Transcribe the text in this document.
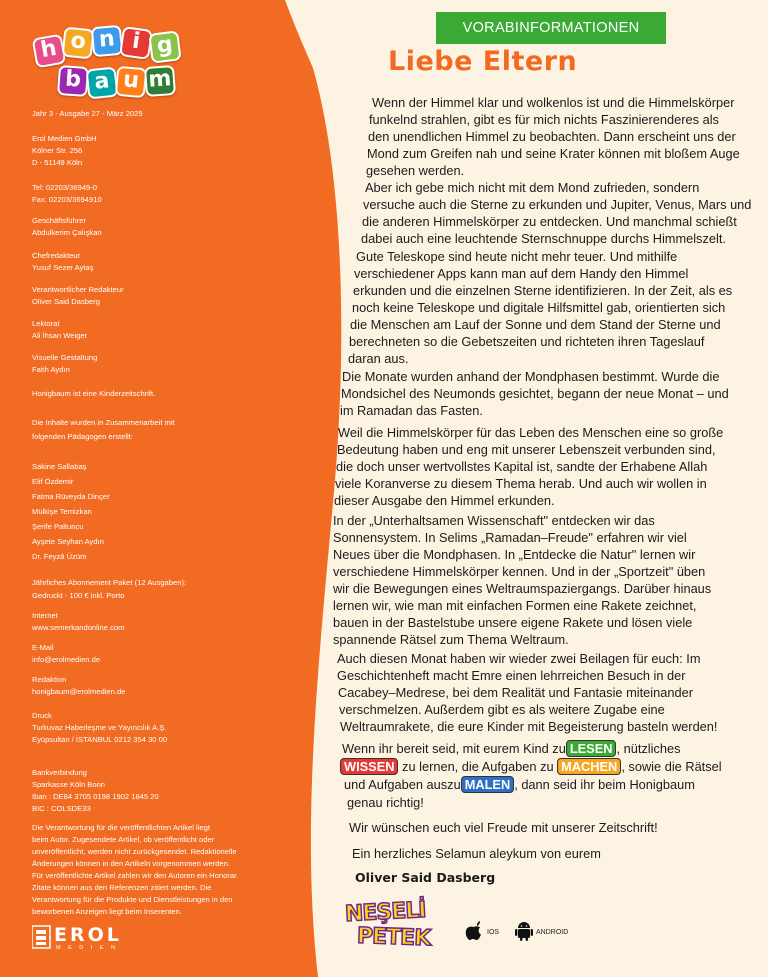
h o n i g
b a u m
Jahr 3 - Ausgabe 27 - März 2025
Erol Medien GmbH
Kölner Str. 256
D - 51149 Köln
Tel: 02203/36949-0
Fax: 02203/3694910
Geschäftsführer
Abdulkerim Çalışkan
Chefredakteur
Yusuf Sezer Aytaş
Verantwortlicher Redakteur
Oliver Said Dasberg
Lektorat
Ali İhsan Weiger
Visuelle Gestaltung
Fatih Aydın
Honigbaum ist eine Kinderzeitschrift.
Die Inhalte wurden in Zusammenarbeit mit
folgenden Pädagogen erstellt:
Sakine Sallabaş
Elif Özdemir
Fatma Rüveyda Dinçer
Mülkişe Temizkan
Şerife Paltuncu
Ayşete Seyhan Aydın
Dr. Feyzâ Üzüm
Jährliches Abonnement Paket (12 Ausgaben):
Gedruckt - 100 € inkl. Porto
Internet
www.semerkandonline.com
E-Mail
info@erolmedien.de
Redaktion
honigbaum@erolmedien.de
Druck
Turkuvaz Haberleşme ve Yayıncılık A.Ş.
Eyüpsultan / İSTANBUL 0212 354 30 00
Bankverbindung
Sparkasse Köln Bonn
Iban : DE84 3705 0198 1902 1845 20
BIC : COLSDE33
Die Verantwortung für die veröffentlichten Artikel liegt
beim Autor. Zugesendete Artikel, ob veröffentlicht oder
unveröffentlicht, werden nicht zurückgesendet. Redaktionelle
Änderungen können in den Artikeln vorgenommen werden.
Für veröffentlichte Artikel zahlen wir den Autoren ein Honorar.
Zitate können aus den Referenzen zitiert werden. Die
Verantwortung für die Produkte und Dienstleistungen in den
beworbenen Anzeigen liegt beim Inserenten.
EROL
M E D I E N
VORABINFORMATIONEN
Liebe Eltern
Wenn der Himmel klar und wolkenlos ist und die Himmelskörper
funkelnd strahlen, gibt es für mich nichts Faszinierenderes als
den unendlichen Himmel zu beobachten. Dann erscheint uns der
Mond zum Greifen nah und seine Krater können mit bloßem Auge
gesehen werden.
Aber ich gebe mich nicht mit dem Mond zufrieden, sondern
versuche auch die Sterne zu erkunden und Jupiter, Venus, Mars und
die anderen Himmelskörper zu entdecken. Und manchmal schießt
dabei auch eine leuchtende Sternschnuppe durchs Himmelszelt.
Gute Teleskope sind heute nicht mehr teuer. Und mithilfe
verschiedener Apps kann man auf dem Handy den Himmel
erkunden und die einzelnen Sterne identifizieren. In der Zeit, als es
noch keine Teleskope und digitale Hilfsmittel gab, orientierten sich
die Menschen am Lauf der Sonne und dem Stand der Sterne und
berechneten so die Gebetszeiten und richteten ihren Tageslauf
daran aus.
Die Monate wurden anhand der Mondphasen bestimmt. Wurde die
Mondsichel des Neumonds gesichtet, begann der neue Monat – und
im Ramadan das Fasten.
Weil die Himmelskörper für das Leben des Menschen eine so große
Bedeutung haben und eng mit unserer Lebenszeit verbunden sind,
die doch unser wertvollstes Kapital ist, sandte der Erhabene Allah
viele Koranverse zu diesem Thema herab. Und auch wir wollen in
dieser Ausgabe den Himmel erkunden.
In der „Unterhaltsamen Wissenschaft" entdecken wir das
Sonnensystem. In Selims „Ramadan–Freude" erfahren wir viel
Neues über die Mondphasen. In „Entdecke die Natur" lernen wir
verschiedene Himmelskörper kennen. Und in der „Sportzeit" üben
wir die Bewegungen eines Weltraumspaziergangs. Darüber hinaus
lernen wir, wie man mit einfachen Formen eine Rakete zeichnet,
bauen in der Bastelstube unsere eigene Rakete und lösen viele
spannende Rätsel zum Thema Weltraum.
Auch diesen Monat haben wir wieder zwei Beilagen für euch: Im
Geschichtenheft macht Emre einen lehrreichen Besuch in der
Cacabey–Medrese, bei dem Realität und Fantasie miteinander
verschmelzen. Außerdem gibt es als weitere Zugabe eine
Weltraumrakete, die eure Kinder mit Begeisterung basteln werden!
Wenn ihr bereit seid, mit eurem Kind zu LESEN , nützliches
WISSEN zu lernen, die Aufgaben zu MACHEN , sowie die Rätsel
und Aufgaben auszu MALEN , dann seid ihr beim Honigbaum
genau richtig!
Wir wünschen euch viel Freude mit unserer Zeitschrift!
Ein herzliches Selamun aleykum von eurem
Oliver Said Dasberg
NEŞELİ
PETEK	IOS	ANDROID
